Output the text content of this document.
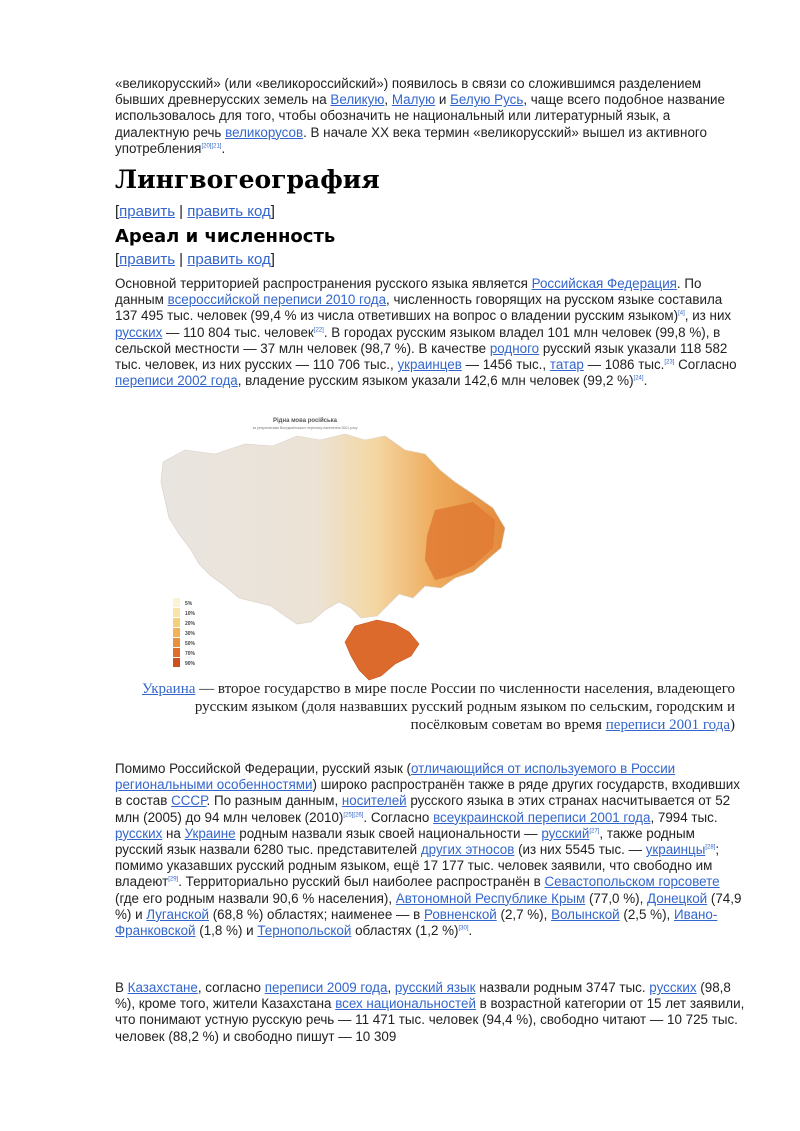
«великорусский» (или «великороcсийский») появилось в связи со сложившимся разделением бывших древнерусских земель на Великую, Малую и Белую Русь, чаще всего подобное название использовалось для того, чтобы обозначить не национальный или литературный язык, а диалектную речь великорусов. В начале XX века термин «великорусский» вышел из активного употребления[20][21].

Лингвогеография
[править | править код]
Ареал и численность
[править | править код]

Основной территорией распространения русского языка является Российская Федерация. По данным всероссийской переписи 2010 года, численность говорящих на русском языке составила 137 495 тыс. человек (99,4 % из числа ответивших на вопрос о владении русским языком)[4], из них русских — 110 804 тыс. человек[22]. В городах русским языком владел 101 млн человек (99,8 %), в сельской местности — 37 млн человек (98,7 %). В качестве родного русский язык указали 118 582 тыс. человек, из них русских — 110 706 тыс., украинцев — 1456 тыс., татар — 1086 тыс.[23] Согласно переписи 2002 года, владение русским языком указали 142,6 млн человек (99,2 %)[24].

Рідна мова російська
за результатами Всеукраїнського перепису населення 2001 року
5%
10%
20%
30%
50%
70%
90%
Украина — второе государство в мире после России по численности населения, владеющего русским языком (доля назвавших русский родным языком по сельским, городским и посёлковым советам во время переписи 2001 года)

Помимо Российской Федерации, русский язык (отличающийся от используемого в России региональными особенностями) широко распространён также в ряде других государств, входивших в состав СССР. По разным данным, носителей русского языка в этих странах насчитывается от 52 млн (2005) до 94 млн человек (2010)[25][26]. Согласно всеукраинской переписи 2001 года, 7994 тыс. русских на Украине родным назвали язык своей национальности — русский[27], также родным русский язык назвали 6280 тыс. представителей других этносов (из них 5545 тыс. — украинцы[28]; помимо указавших русский родным языком, ещё 17 177 тыс. человек заявили, что свободно им владеют[29]. Территориально русский был наиболее распространён в Севастопольском горсовете (где его родным назвали 90,6 % населения), Автономной Республике Крым (77,0 %), Донецкой (74,9 %) и Луганской (68,8 %) областях; наименее — в Ровненской (2,7 %), Волынской (2,5 %), Ивано-Франковской (1,8 %) и Тернопольской областях (1,2 %)[30].

В Казахстане, согласно переписи 2009 года, русский язык назвали родным 3747 тыс. русских (98,8 %), кроме того, жители Казахстана всех национальностей в возрастной категории от 15 лет заявили, что понимают устную русскую речь — 11 471 тыс. человек (94,4 %), свободно читают — 10 725 тыс. человек (88,2 %) и свободно пишут — 10 309
